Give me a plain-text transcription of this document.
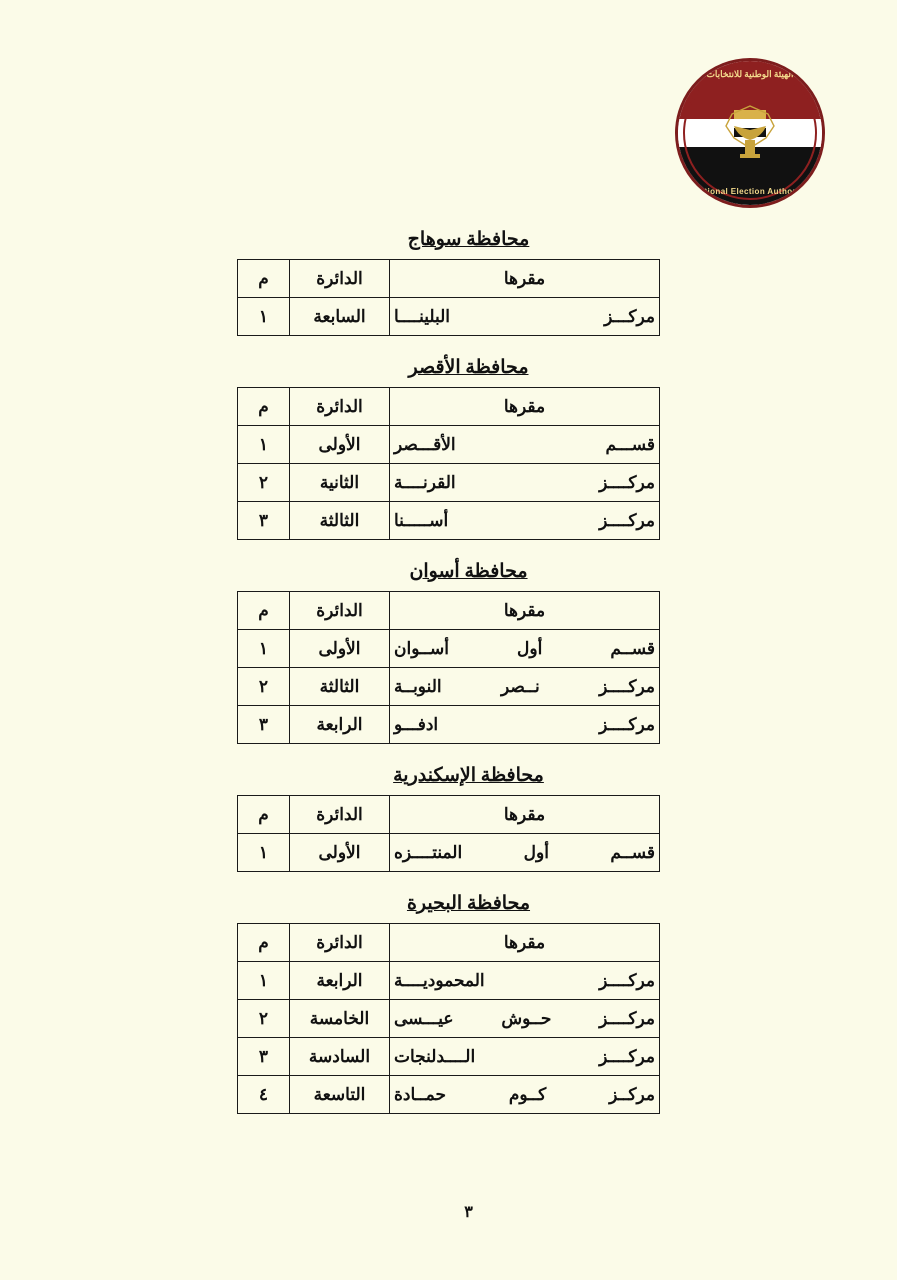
الهيئة الوطنية للانتخابات
National Election Authority
محافظة سوهاج
مقرها	الدائرة	م
مركـــز البلينــــا	السابعة	١
محافظة الأقصر
مقرها	الدائرة	م
قســـم الأقـــصر	الأولى	١
مركــــز القرنــــة	الثانية	٢
مركــــز أســـــنا	الثالثة	٣
محافظة أسوان
مقرها	الدائرة	م
قســم أول أســوان	الأولى	١
مركــــز نــصر النوبــة	الثالثة	٢
مركــــز ادفـــو	الرابعة	٣
محافظة الإسكندرية
مقرها	الدائرة	م
قســم أول المنتــــزه	الأولى	١
محافظة البحيرة
مقرها	الدائرة	م
مركــــز المحموديــــة	الرابعة	١
مركــــز حــوش عيـــسى	الخامسة	٢
مركــــز الــــدلنجات	السادسة	٣
مركــز كــوم حمــادة	التاسعة	٤
٣
